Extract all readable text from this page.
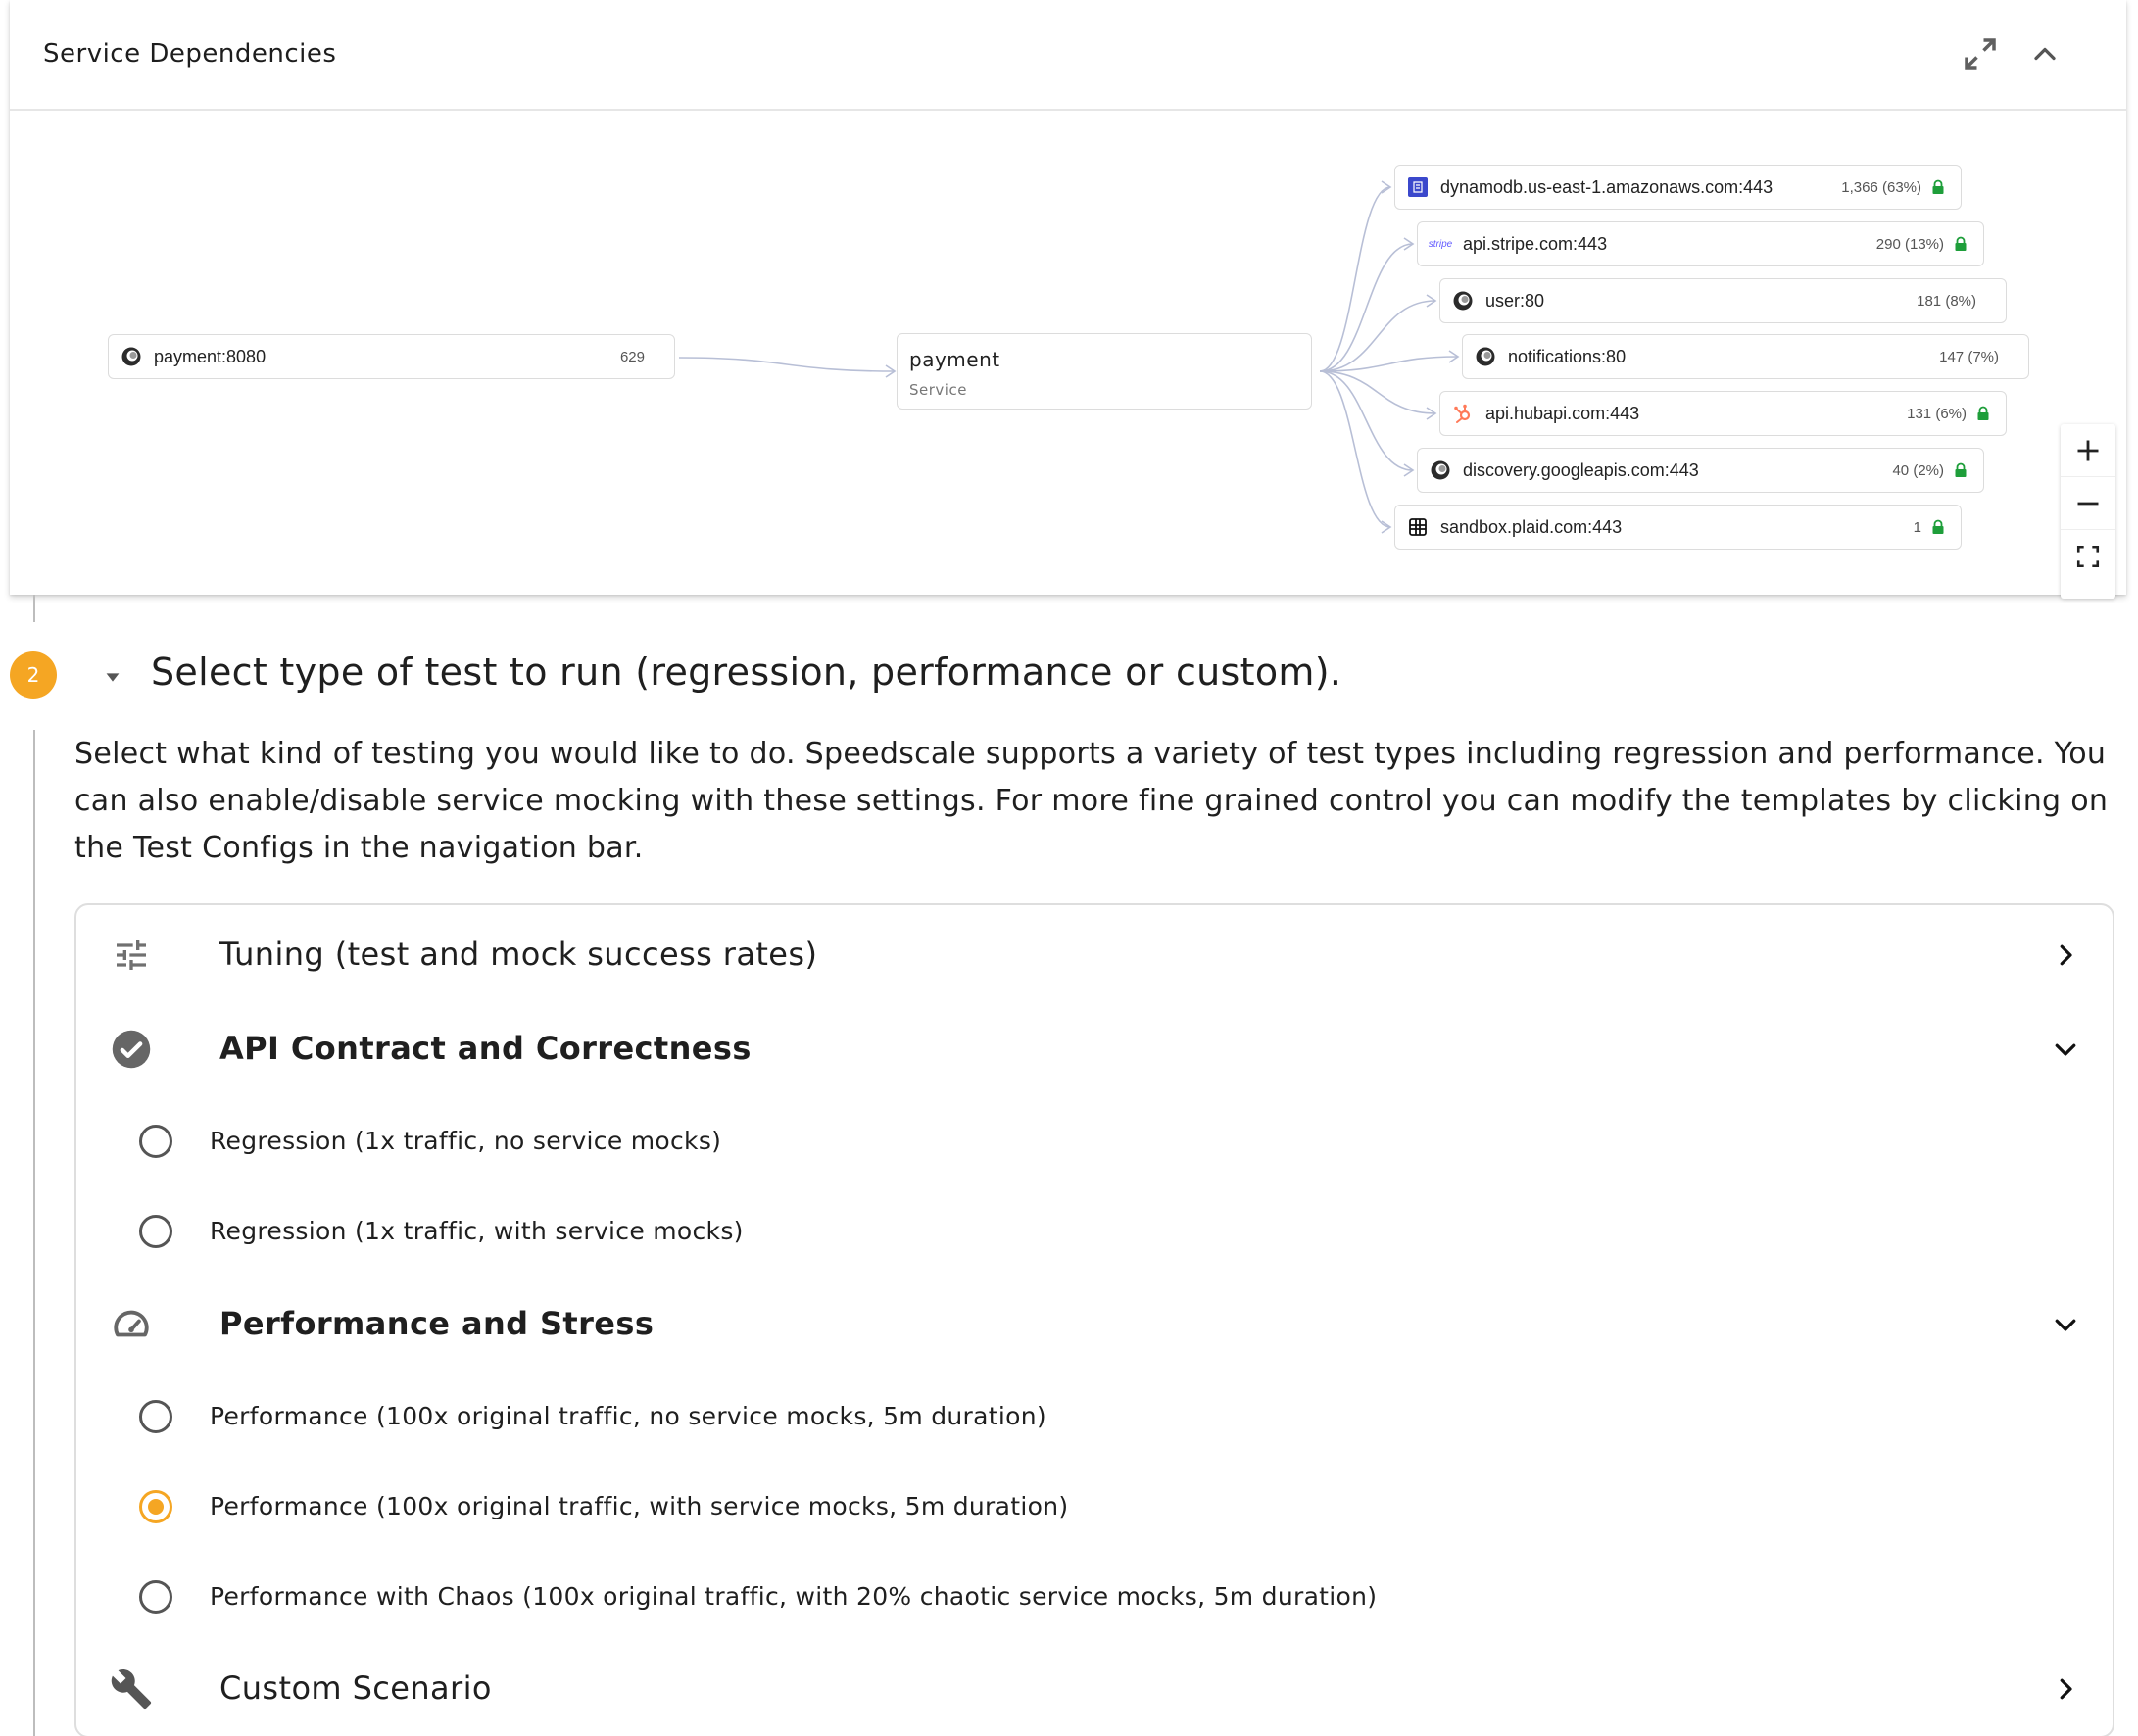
Service Dependencies
payment:8080	629	payment
Service
dynamodb.us-east-1.amazonaws.com:443	1,366 (63%)
stripe api.stripe.com:443	290 (13%)
user:80	181 (8%)
notifications:80	147 (7%)
api.hubapi.com:443	131 (6%)
discovery.googleapis.com:443	40 (2%)
sandbox.plaid.com:443	1
2	Select type of test to run (regression, performance or custom).
Select what kind of testing you would like to do. Speedscale supports a variety of test types including regression and performance. You can also enable/disable service mocking with these settings. For more fine grained control you can modify the templates by clicking on the Test Configs in the navigation bar.
Tuning (test and mock success rates)
API Contract and Correctness
Regression (1x traffic, no service mocks)
Regression (1x traffic, with service mocks)
Performance and Stress
Performance (100x original traffic, no service mocks, 5m duration)
Performance (100x original traffic, with service mocks, 5m duration)
Performance with Chaos (100x original traffic, with 20% chaotic service mocks, 5m duration)
Custom Scenario
